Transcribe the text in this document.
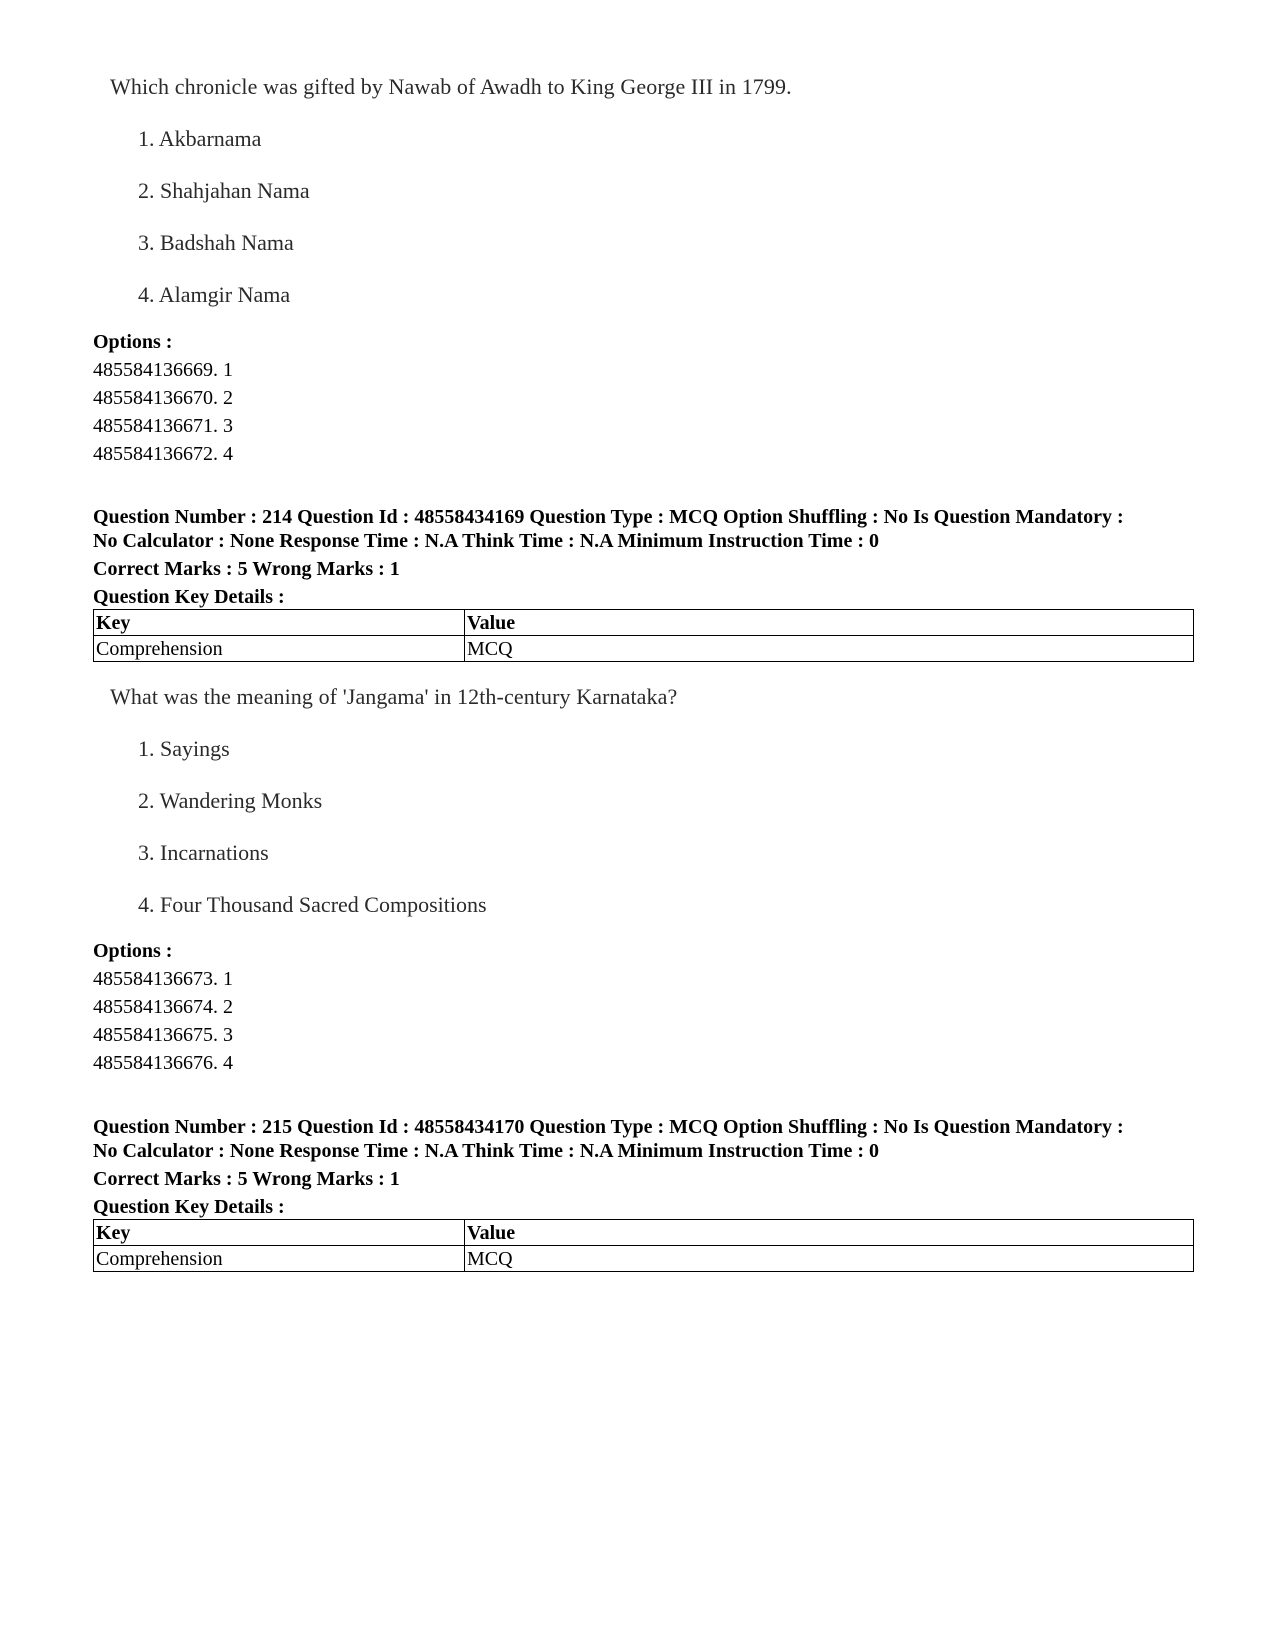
Which chronicle was gifted by Nawab of Awadh to King George III in 1799.
1. Akbarnama
2. Shahjahan Nama
3. Badshah Nama
4. Alamgir Nama
Options :
485584136669. 1
485584136670. 2
485584136671. 3
485584136672. 4
Question Number : 214 Question Id : 48558434169 Question Type : MCQ Option Shuffling : No Is Question Mandatory :
No Calculator : None Response Time : N.A Think Time : N.A Minimum Instruction Time : 0
Correct Marks : 5 Wrong Marks : 1
Question Key Details :
Key	Value
Comprehension	MCQ
What was the meaning of 'Jangama' in 12th-century Karnataka?
1. Sayings
2. Wandering Monks
3. Incarnations
4. Four Thousand Sacred Compositions
Options :
485584136673. 1
485584136674. 2
485584136675. 3
485584136676. 4
Question Number : 215 Question Id : 48558434170 Question Type : MCQ Option Shuffling : No Is Question Mandatory :
No Calculator : None Response Time : N.A Think Time : N.A Minimum Instruction Time : 0
Correct Marks : 5 Wrong Marks : 1
Question Key Details :
Key	Value
Comprehension	MCQ
